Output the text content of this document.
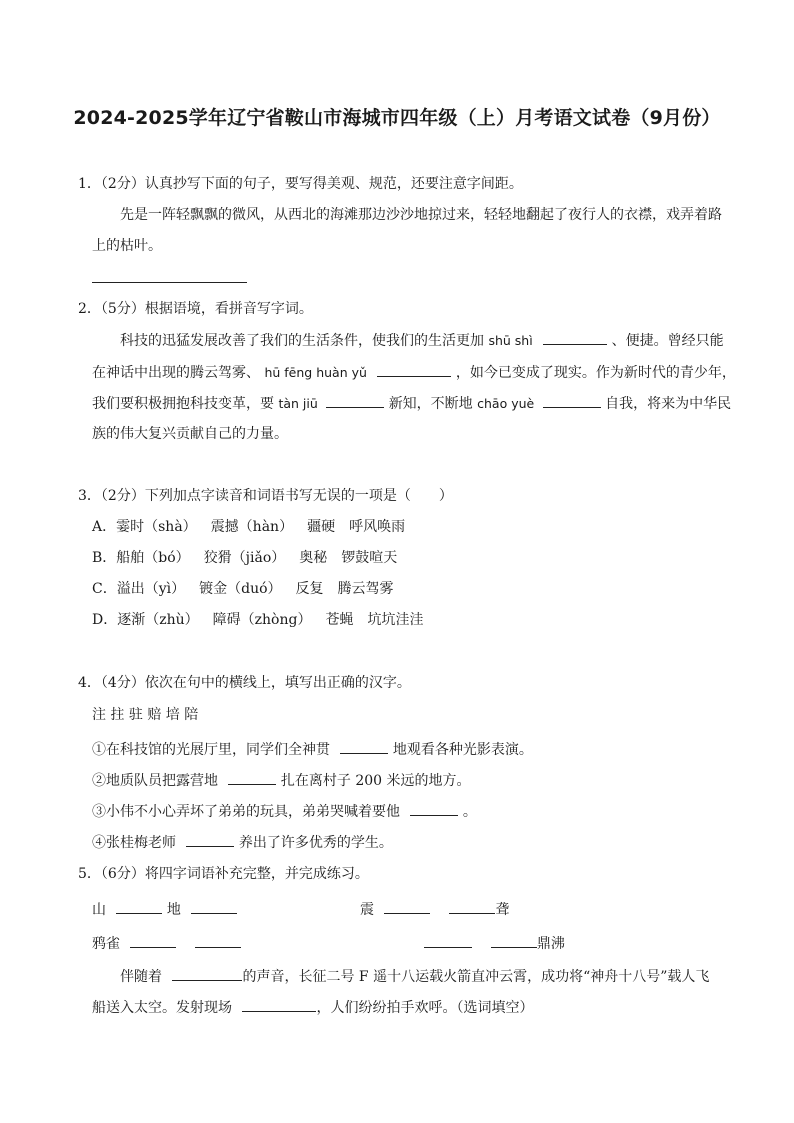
2024-2025学年辽宁省鞍山市海城市四年级（上）月考语文试卷（9月份）
1．（2分）认真抄写下面的句子，要写得美观、规范，还要注意字间距。
先是一阵轻飘飘的微风，从西北的海滩那边沙沙地掠过来，轻轻地翻起了夜行人的衣襟，戏弄着路
上的枯叶。
2．（5分）根据语境，看拼音写字词。
科技的迅猛发展改善了我们的生活条件，使我们的生活更加 shū shì	、便捷。曾经只能
在神话中出现的腾云驾雾、 hū fēng huàn yǔ	，如今已变成了现实。作为新时代的青少年，
我们要积极拥抱科技变革，要 tàn jiū	新知，不断地 chāo yuè	自我，将来为中华民
族的伟大复兴贡献自己的力量。
3．（2分）下列加点字读音和词语书写无误的一项是（　　）
A．霎时（shà） 震撼（hàn） 疆硬 呼风唤雨
B．船舶（bó） 狡猾（jiǎo） 奥秘 锣鼓喧天
C．溢出（yì） 镀金（duó） 反复 腾云驾雾
D．逐渐（zhù） 障碍（zhòng） 苍蝇 坑坑洼洼
4．（4分）依次在句中的横线上，填写出正确的汉字。
注 拄 驻 赔 培 陪
①在科技馆的光展厅里，同学们全神贯	地观看各种光影表演。
②地质队员把露营地	扎在离村子 200 米远的地方。
③小伟不小心弄坏了弟弟的玩具，弟弟哭喊着要他	。
④张桂梅老师	养出了许多优秀的学生。
5．（6分）将四字词语补充完整，并完成练习。
山	地	震	聋
鸦雀	鼎沸
伴随着	的声音，长征二号 F 遥十八运载火箭直冲云霄，成功将“神舟十八号”载人飞
船送入太空。发射现场	，人们纷纷拍手欢呼。（选词填空）
